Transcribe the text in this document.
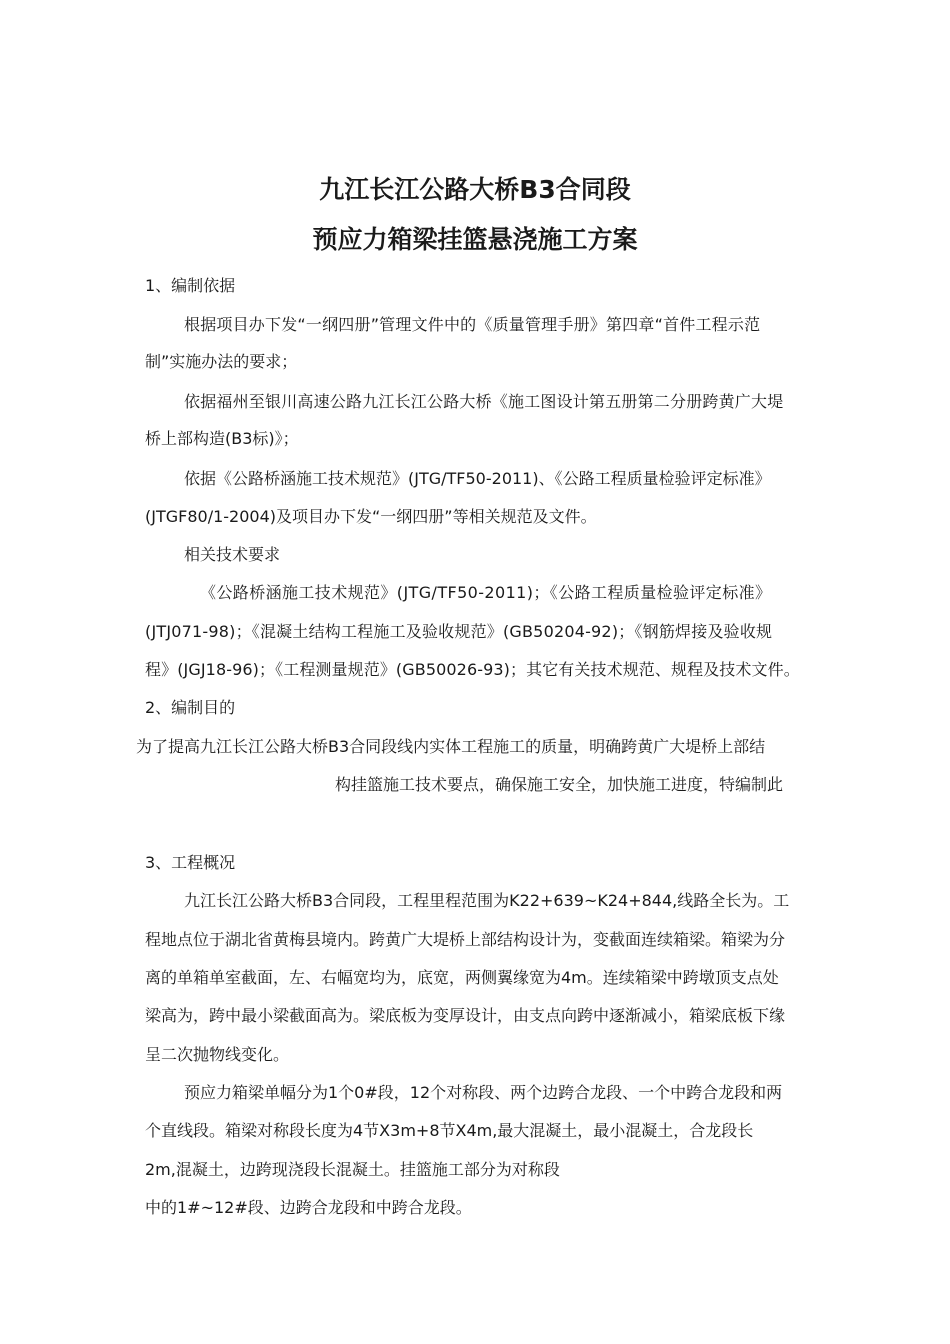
九江长江公路大桥B3合同段
预应力箱梁挂篮悬浇施工方案

1、编制依据

根据项目办下发“一纲四册”管理文件中的《质量管理手册》第四章“首件工程示范

制”实施办法的要求；

依据福州至银川高速公路九江长江公路大桥《施工图设计第五册第二分册跨黄广大堤

桥上部构造(B3标)》；

依据《公路桥涵施工技术规范》(JTG/TF50-2011)、《公路工程质量检验评定标准》

(JTGF80/1-2004)及项目办下发“一纲四册”等相关规范及文件。

相关技术要求

《公路桥涵施工技术规范》(JTG/TF50-2011)；《公路工程质量检验评定标准》

(JTJ071-98)；《混凝土结构工程施工及验收规范》(GB50204-92)；《钢筋焊接及验收规

程》(JGJ18-96)；《工程测量规范》(GB50026-93)；其它有关技术规范、规程及技术文件。

2、编制目的

为了提高九江长江公路大桥B3合同段线内实体工程施工的质量，明确跨黄广大堤桥上部结

构挂篮施工技术要点，确保施工安全，加快施工进度，特编制此

3、工程概况

九江长江公路大桥B3合同段，工程里程范围为K22+639~K24+844,线路全长为。工

程地点位于湖北省黄梅县境内。跨黄广大堤桥上部结构设计为，变截面连续箱梁。箱梁为分

离的单箱单室截面，左、右幅宽均为，底宽，两侧翼缘宽为4m。连续箱梁中跨墩顶支点处

梁高为，跨中最小梁截面高为。梁底板为变厚设计，由支点向跨中逐渐减小，箱梁底板下缘

呈二次抛物线变化。

预应力箱梁单幅分为1个0#段，12个对称段、两个边跨合龙段、一个中跨合龙段和两

个直线段。箱梁对称段长度为4节X3m+8节X4m,最大混凝土，最小混凝土，合龙段长

2m,混凝土，边跨现浇段长混凝土。挂篮施工部分为对称段

中的1#~12#段、边跨合龙段和中跨合龙段。
